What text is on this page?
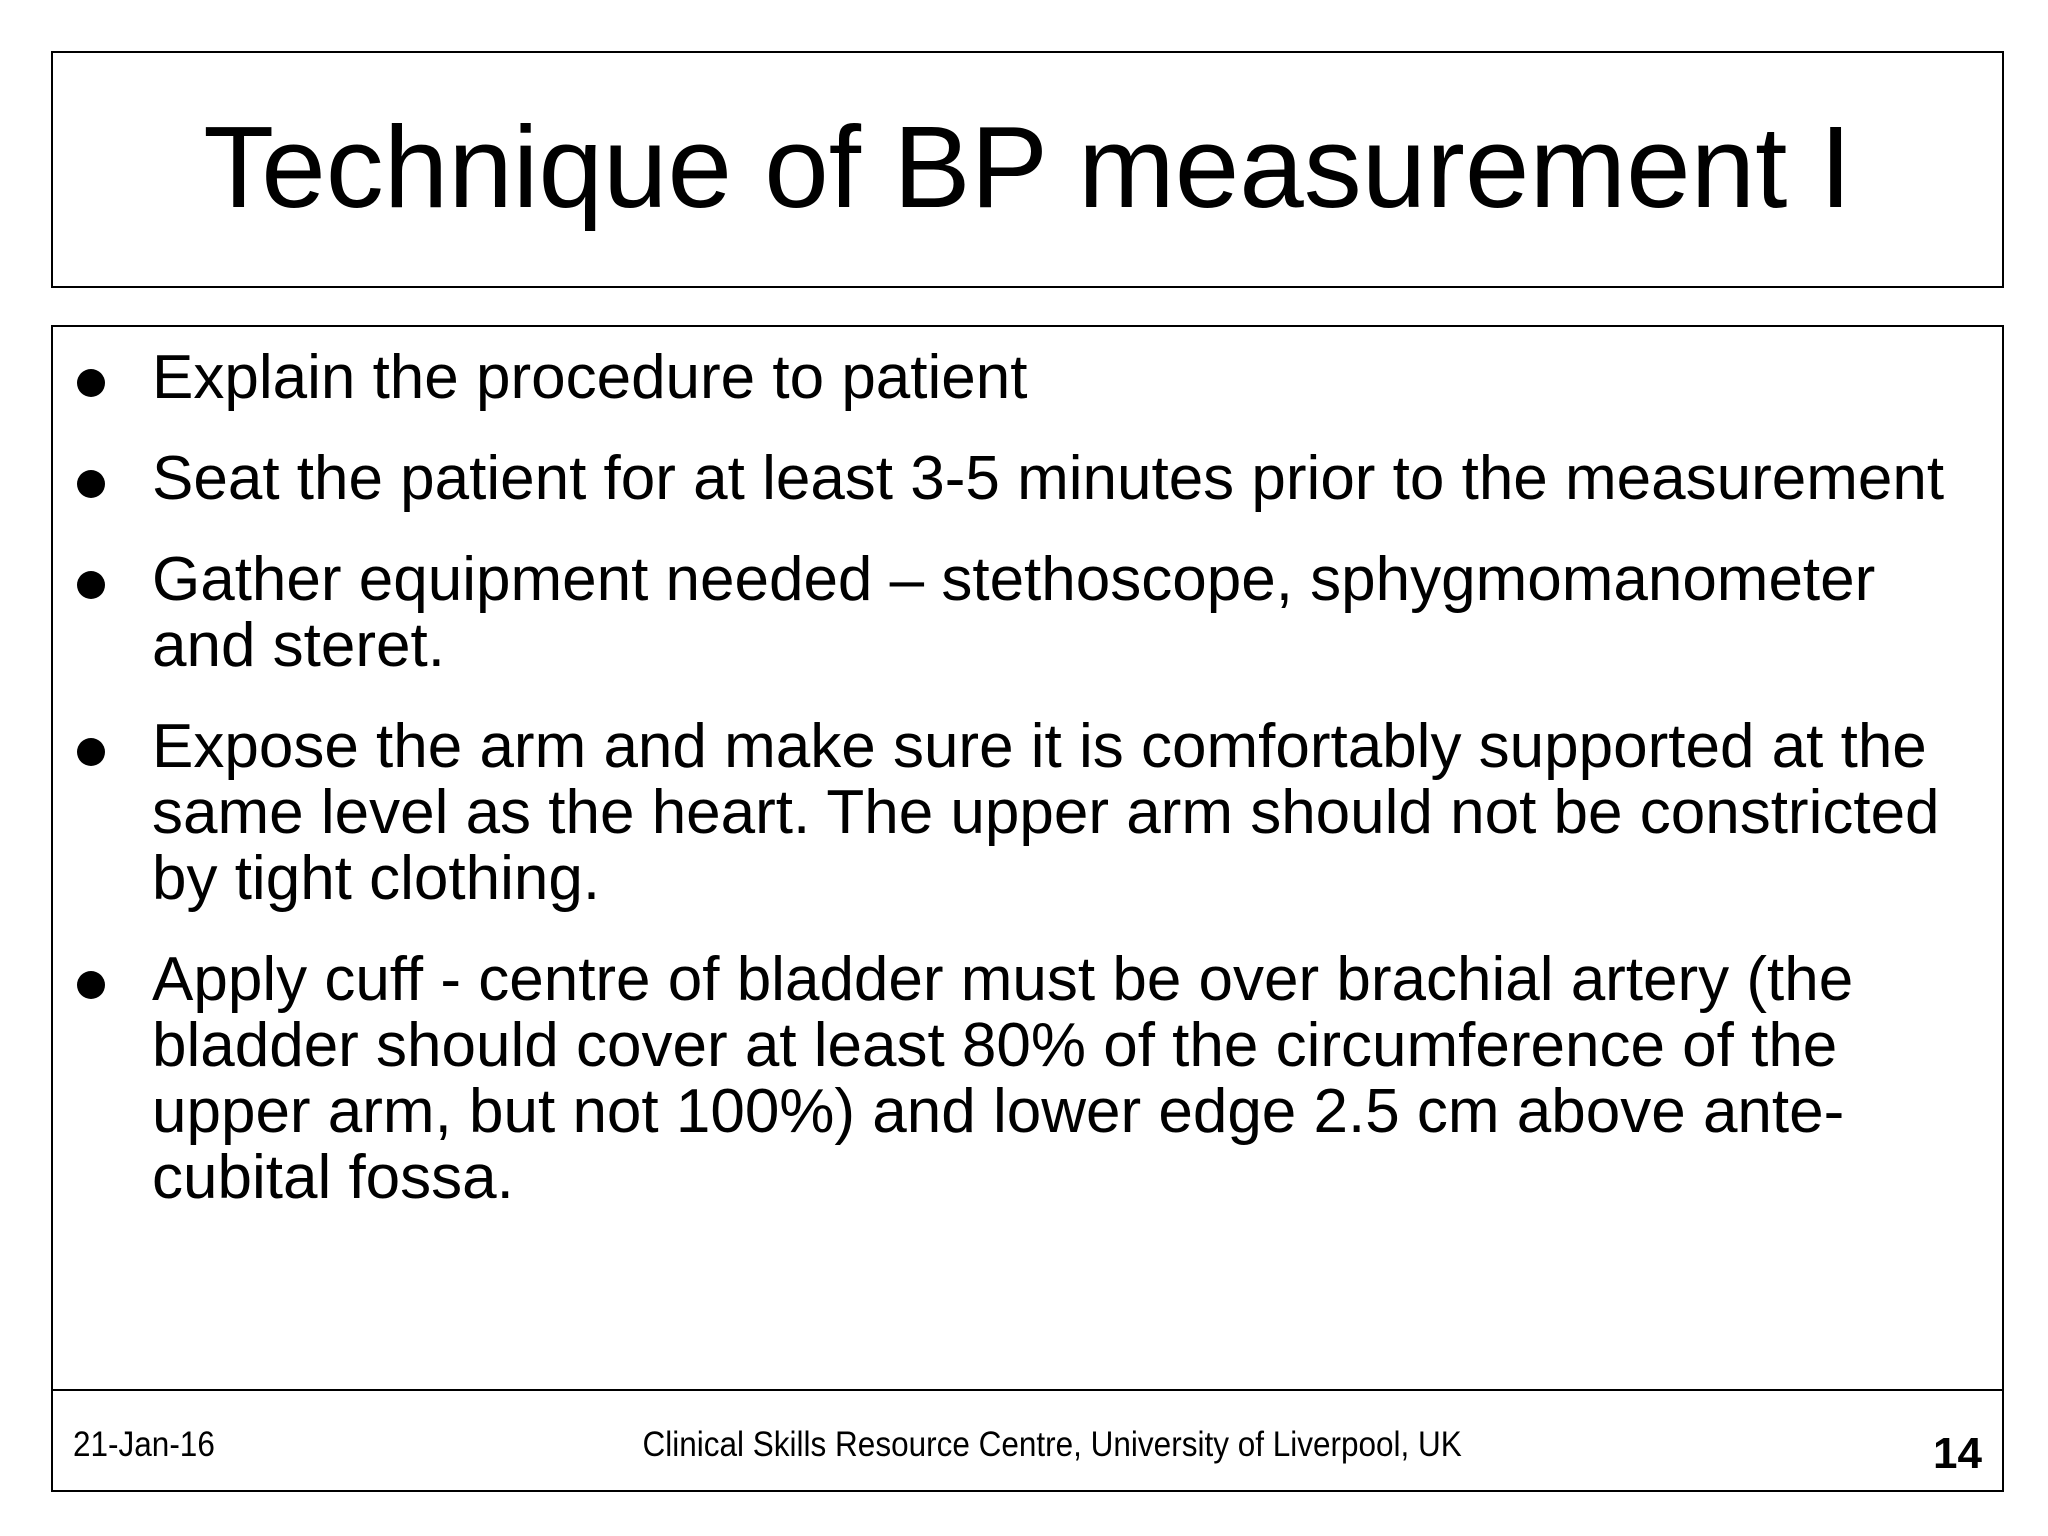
Technique of BP measurement I
Explain the procedure to patient
Seat the patient for at least 3-5 minutes prior to the measurement
Gather equipment needed – stethoscope, sphygmomanometer and steret.
Expose the arm and make sure it is comfortably supported at the same level as the heart. The upper arm should not be constricted by tight clothing.
Apply cuff - centre of bladder must be over brachial artery (the bladder should cover at least 80% of the circumference of the upper arm, but not 100%) and lower edge 2.5 cm above ante-cubital fossa.
21-Jan-16	Clinical Skills Resource Centre, University of Liverpool, UK	14
